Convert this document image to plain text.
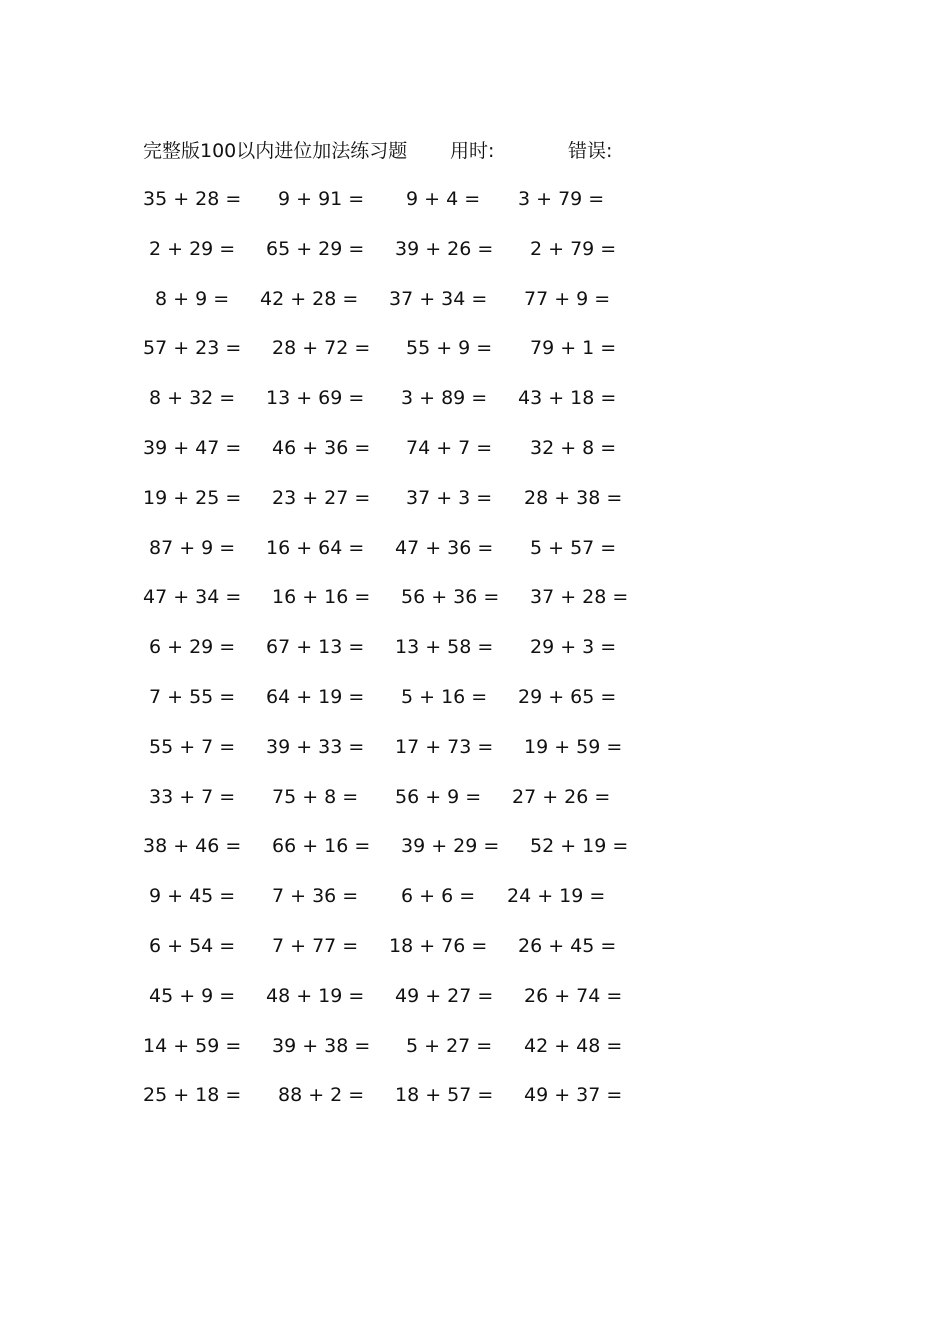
完整版100以内进位加法练习题 用时:	错误:
35 + 28 = 9 + 91 = 9 + 4 = 3 + 79 =
2 + 29 = 65 + 29 = 39 + 26 = 2 + 79 =
8 + 9 = 42 + 28 = 37 + 34 = 77 + 9 =
57 + 23 = 28 + 72 = 55 + 9 = 79 + 1 =
8 + 32 = 13 + 69 = 3 + 89 = 43 + 18 =
39 + 47 = 46 + 36 = 74 + 7 = 32 + 8 =
19 + 25 = 23 + 27 = 37 + 3 = 28 + 38 =
87 + 9 = 16 + 64 = 47 + 36 = 5 + 57 =
47 + 34 = 16 + 16 = 56 + 36 = 37 + 28 =
6 + 29 = 67 + 13 = 13 + 58 = 29 + 3 =
7 + 55 = 64 + 19 = 5 + 16 = 29 + 65 =
55 + 7 = 39 + 33 = 17 + 73 = 19 + 59 =
33 + 7 = 75 + 8 = 56 + 9 = 27 + 26 =
38 + 46 = 66 + 16 = 39 + 29 = 52 + 19 =
9 + 45 = 7 + 36 = 6 + 6 = 24 + 19 =
6 + 54 = 7 + 77 = 18 + 76 = 26 + 45 =
45 + 9 = 48 + 19 = 49 + 27 = 26 + 74 =
14 + 59 = 39 + 38 = 5 + 27 = 42 + 48 =
25 + 18 = 88 + 2 = 18 + 57 = 49 + 37 =
